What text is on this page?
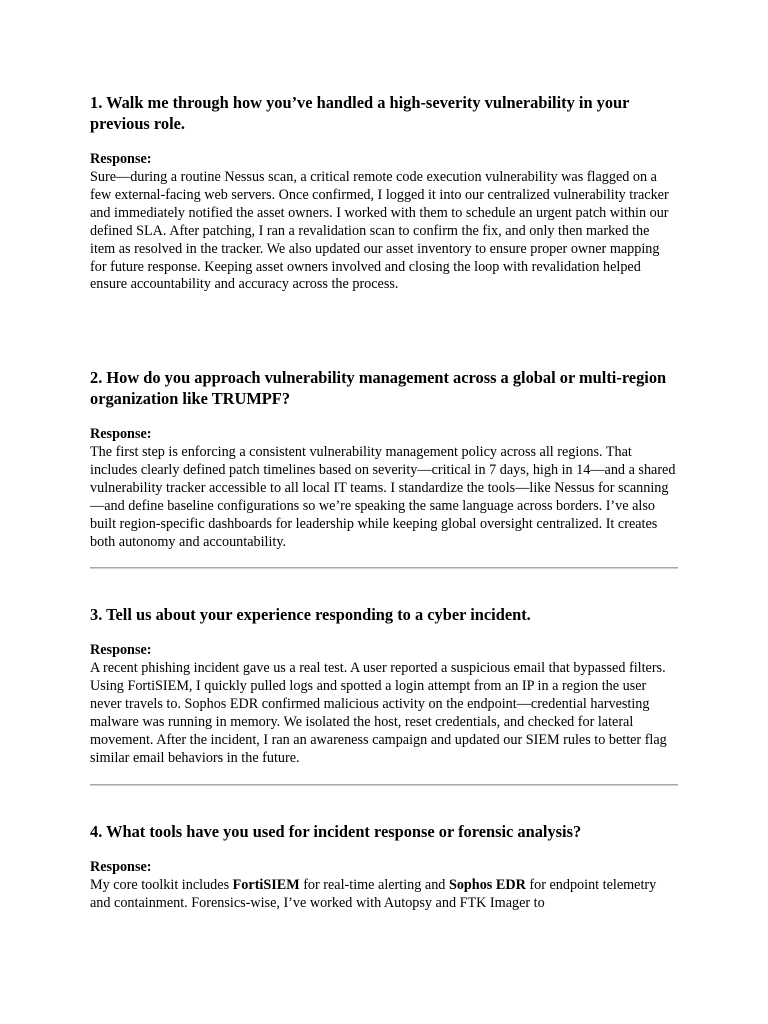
1. Walk me through how you’ve handled a high-severity vulnerability in your previous role.
Response:

Sure—during a routine Nessus scan, a critical remote code execution vulnerability was flagged on a few external-facing web servers. Once confirmed, I logged it into our centralized vulnerability tracker and immediately notified the asset owners. I worked with them to schedule an urgent patch within our defined SLA. After patching, I ran a revalidation scan to confirm the fix, and only then marked the item as resolved in the tracker. We also updated our asset inventory to ensure proper owner mapping for future response. Keeping asset owners involved and closing the loop with revalidation helped ensure accountability and accuracy across the process.

2. How do you approach vulnerability management across a global or multi-region organization like TRUMPF?
Response:

The first step is enforcing a consistent vulnerability management policy across all regions. That includes clearly defined patch timelines based on severity—critical in 7 days, high in 14—and a shared vulnerability tracker accessible to all local IT teams. I standardize the tools—like Nessus for scanning—and define baseline configurations so we’re speaking the same language across borders. I’ve also built region-specific dashboards for leadership while keeping global oversight centralized. It creates both autonomy and accountability.

3. Tell us about your experience responding to a cyber incident.
Response:

A recent phishing incident gave us a real test. A user reported a suspicious email that bypassed filters. Using FortiSIEM, I quickly pulled logs and spotted a login attempt from an IP in a region the user never travels to. Sophos EDR confirmed malicious activity on the endpoint—credential harvesting malware was running in memory. We isolated the host, reset credentials, and checked for lateral movement. After the incident, I ran an awareness campaign and updated our SIEM rules to better flag similar email behaviors in the future.

4. What tools have you used for incident response or forensic analysis?
Response:

My core toolkit includes FortiSIEM for real-time alerting and Sophos EDR for endpoint telemetry and containment. Forensics-wise, I’ve worked with Autopsy and FTK Imager to
